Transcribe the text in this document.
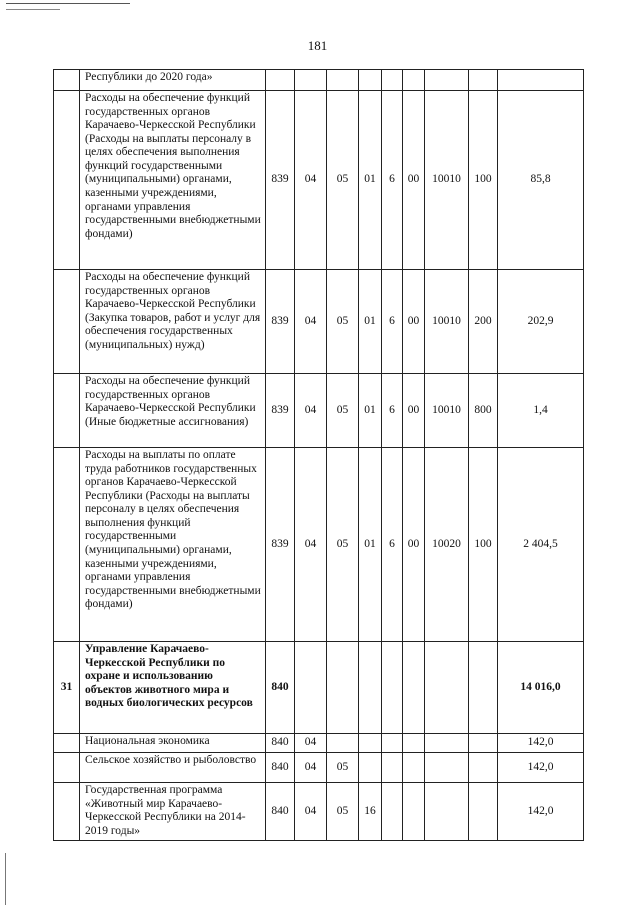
181
	Республики до 2020 года»									
	Расходы на обеспечение функций государственных органов Карачаево-Черкесской Республики (Расходы на выплаты персоналу в целях обеспечения выполнения функций государственными (муниципальными) органами, казенными учреждениями, органами управления государственными внебюджетными фондами)	839	04	05	01	6	00	10010	100	85,8
	Расходы на обеспечение функций государственных органов Карачаево-Черкесской Республики (Закупка товаров, работ и услуг для обеспечения государственных (муниципальных) нужд)	839	04	05	01	6	00	10010	200	202,9
	Расходы на обеспечение функций государственных органов Карачаево-Черкесской Республики (Иные бюджетные ассигнования)	839	04	05	01	6	00	10010	800	1,4
	Расходы на выплаты по оплате труда работников государственных органов Карачаево-Черкесской Республики (Расходы на выплаты персоналу в целях обеспечения выполнения функций государственными (муниципальными) органами, казенными учреждениями, органами управления государственными внебюджетными фондами)	839	04	05	01	6	00	10020	100	2 404,5
31	Управление Карачаево-Черкесской Республики по охране и использованию объектов животного мира и водных биологических ресурсов	840								14 016,0
	Национальная экономика	840	04							142,0
	Сельское хозяйство и рыболовство	840	04	05						142,0
	Государственная программа «Животный мир Карачаево-Черкесской Республики на 2014-2019 годы»	840	04	05	16					142,0
